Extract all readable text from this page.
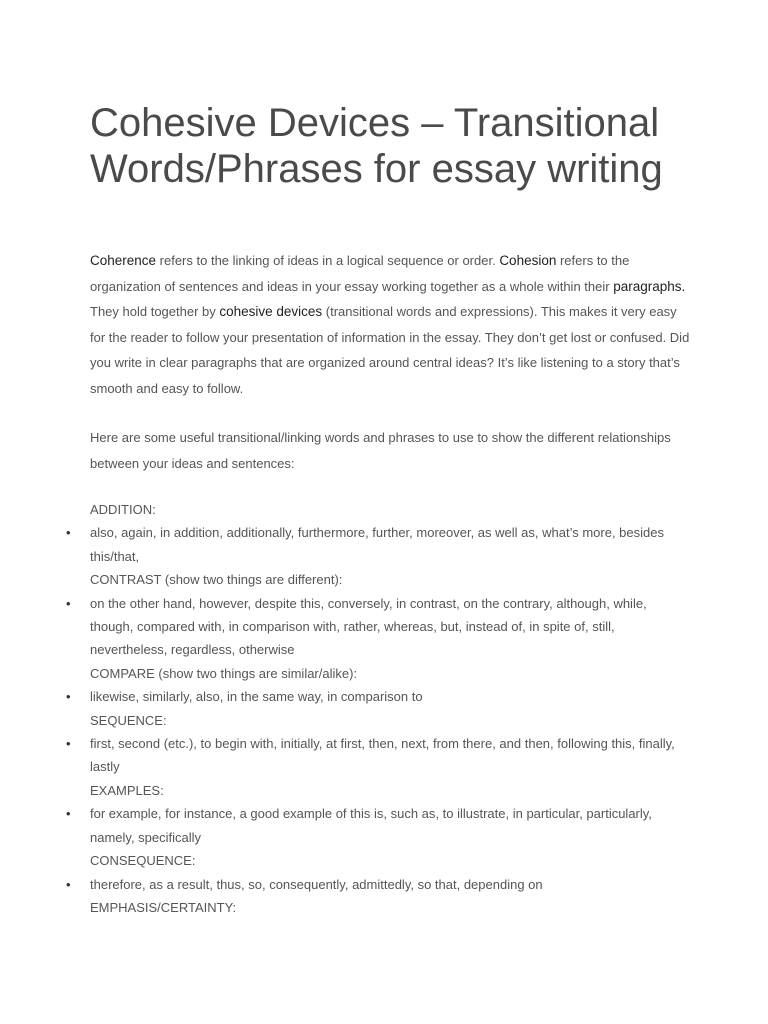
Cohesive Devices – Transitional Words/Phrases for essay writing

Coherence refers to the linking of ideas in a logical sequence or order. Cohesion refers to the organization of sentences and ideas in your essay working together as a whole within their paragraphs. They hold together by cohesive devices (transitional words and expressions). This makes it very easy for the reader to follow your presentation of information in the essay. They don’t get lost or confused. Did you write in clear paragraphs that are organized around central ideas? It’s like listening to a story that’s smooth and easy to follow.

Here are some useful transitional/linking words and phrases to use to show the different relationships between your ideas and sentences:

ADDITION:
• also, again, in addition, additionally, furthermore, further, moreover, as well as, what’s more, besides this/that,
CONTRAST (show two things are different):
• on the other hand, however, despite this, conversely, in contrast, on the contrary, although, while, though, compared with, in comparison with, rather, whereas, but, instead of, in spite of, still, nevertheless, regardless, otherwise
COMPARE (show two things are similar/alike):
• likewise, similarly, also, in the same way, in comparison to
SEQUENCE:
• first, second (etc.), to begin with, initially, at first, then, next, from there, and then, following this, finally, lastly
EXAMPLES:
• for example, for instance, a good example of this is, such as, to illustrate, in particular, particularly, namely, specifically
CONSEQUENCE:
• therefore, as a result, thus, so, consequently, admittedly, so that, depending on
EMPHASIS/CERTAINTY:
